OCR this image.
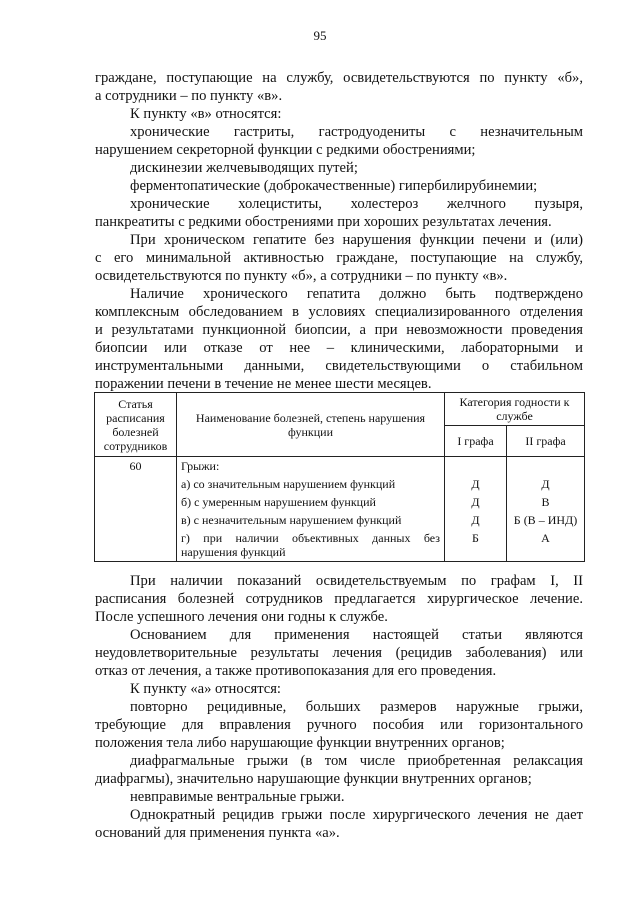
95
граждане, поступающие на службу, освидетельствуются по пункту «б»,
а сотрудники – по пункту «в».
К пункту «в» относятся:
хронические гастриты, гастродуодениты с незначительным
нарушением секреторной функции с редкими обострениями;
дискинезии желчевыводящих путей;
ферментопатические (доброкачественные) гипербилирубинемии;
хронические холециститы, холестероз желчного пузыря,
панкреатиты с редкими обострениями при хороших результатах лечения.
При хроническом гепатите без нарушения функции печени и (или)
с его минимальной активностью граждане, поступающие на службу,
освидетельствуются по пункту «б», а сотрудники – по пункту «в».
Наличие хронического гепатита должно быть подтверждено
комплексным обследованием в условиях специализированного отделения
и результатами пункционной биопсии, а при невозможности проведения
биопсии или отказе от нее – клиническими, лабораторными и
инструментальными данными, свидетельствующими о стабильном
поражении печени в течение не менее шести месяцев.
Статья расписания болезней сотрудников	Наименование болезней, степень нарушения функции	Категория годности к службе	
		I графа	II графа
60	Грыжи:		
	а) со значительным нарушением функций	Д	Д
	б) с умеренным нарушением функций	Д	В
	в) с незначительным нарушением функций	Д	Б (В – ИНД)
	г) при наличии объективных данных без нарушения функций	Б	А
При наличии показаний освидетельствуемым по графам I, II
расписания болезней сотрудников предлагается хирургическое лечение.
После успешного лечения они годны к службе.
Основанием для применения настоящей статьи являются
неудовлетворительные результаты лечения (рецидив заболевания) или
отказ от лечения, а также противопоказания для его проведения.
К пункту «а» относятся:
повторно рецидивные, больших размеров наружные грыжи,
требующие для вправления ручного пособия или горизонтального
положения тела либо нарушающие функции внутренних органов;
диафрагмальные грыжи (в том числе приобретенная релаксация
диафрагмы), значительно нарушающие функции внутренних органов;
невправимые вентральные грыжи.
Однократный рецидив грыжи после хирургического лечения не дает
оснований для применения пункта «а».
